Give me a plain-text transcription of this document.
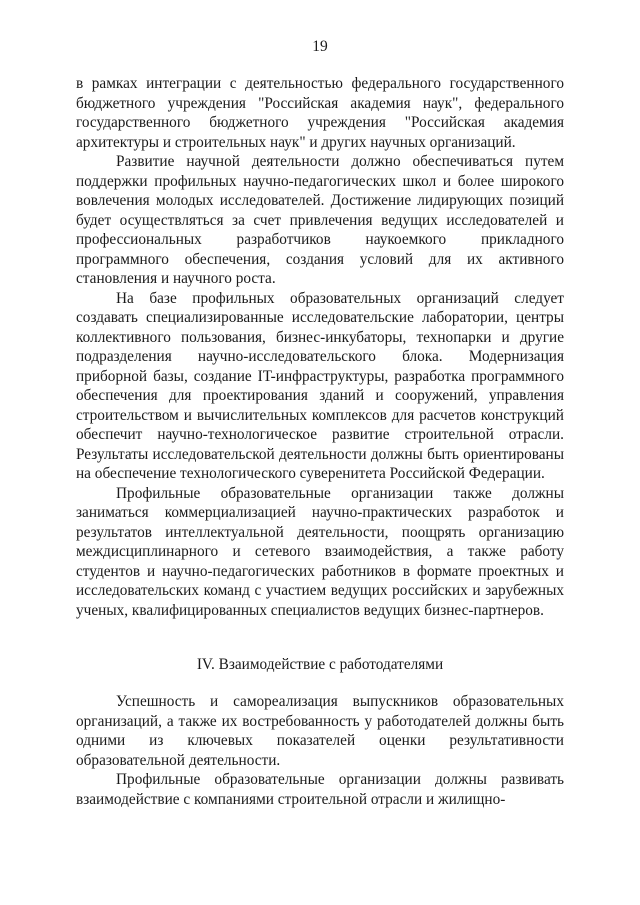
19

в рамках интеграции с деятельностью федерального государственного бюджетного учреждения "Российская академия наук", федерального государственного бюджетного учреждения "Российская академия архитектуры и строительных наук" и других научных организаций.

Развитие научной деятельности должно обеспечиваться путем поддержки профильных научно-педагогических школ и более широкого вовлечения молодых исследователей. Достижение лидирующих позиций будет осуществляться за счет привлечения ведущих исследователей и профессиональных разработчиков наукоемкого прикладного программного обеспечения, создания условий для их активного становления и научного роста.

На базе профильных образовательных организаций следует создавать специализированные исследовательские лаборатории, центры коллективного пользования, бизнес-инкубаторы, технопарки и другие подразделения научно-исследовательского блока. Модернизация приборной базы, создание IT-инфраструктуры, разработка программного обеспечения для проектирования зданий и сооружений, управления строительством и вычислительных комплексов для расчетов конструкций обеспечит научно-технологическое развитие строительной отрасли. Результаты исследовательской деятельности должны быть ориентированы на обеспечение технологического суверенитета Российской Федерации.

Профильные образовательные организации также должны заниматься коммерциализацией научно-практических разработок и результатов интеллектуальной деятельности, поощрять организацию междисциплинарного и сетевого взаимодействия, а также работу студентов и научно-педагогических работников в формате проектных и исследовательских команд с участием ведущих российских и зарубежных ученых, квалифицированных специалистов ведущих бизнес-партнеров.

IV. Взаимодействие с работодателями

Успешность и самореализация выпускников образовательных организаций, а также их востребованность у работодателей должны быть одними из ключевых показателей оценки результативности образовательной деятельности.

Профильные образовательные организации должны развивать взаимодействие с компаниями строительной отрасли и жилищно-
